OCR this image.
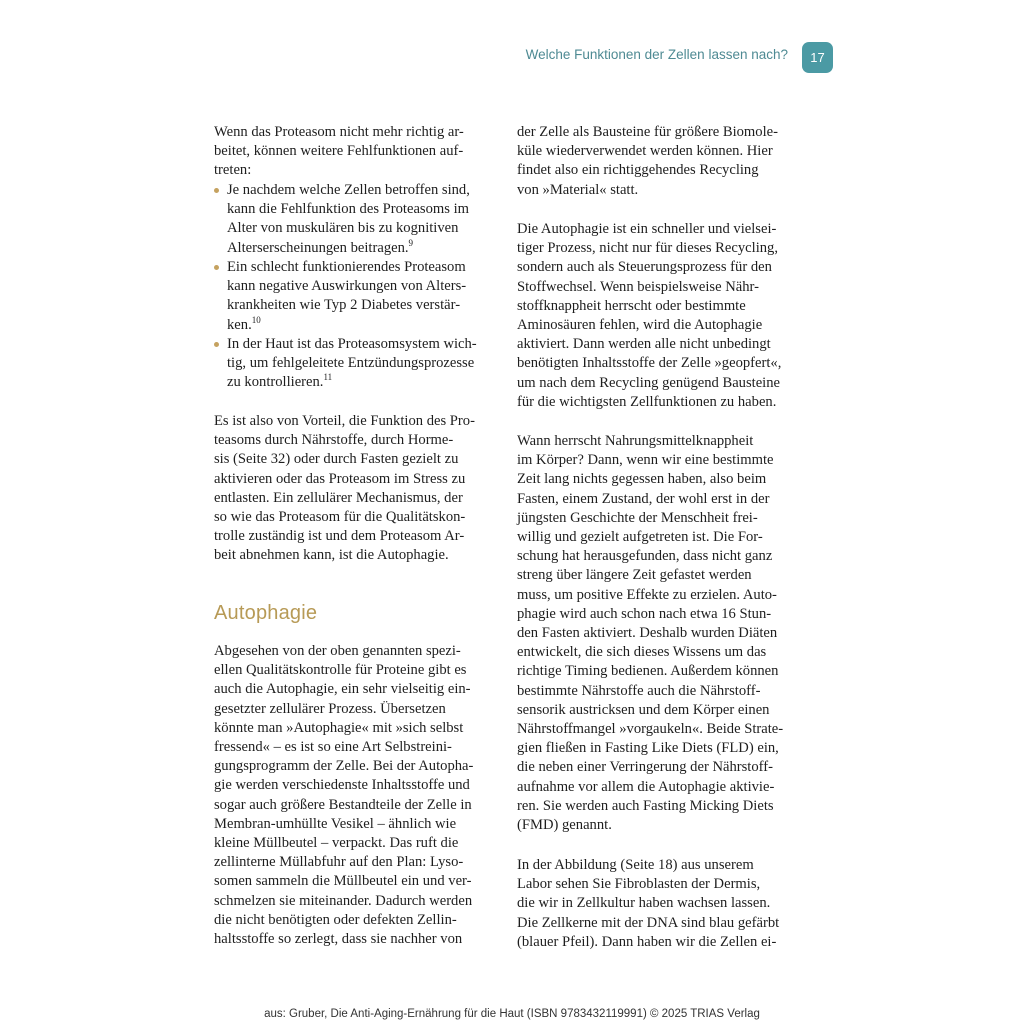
Welche Funktionen der Zellen lassen nach?	17
Wenn das Proteasom nicht mehr richtig ar-
beitet, können weitere Fehlfunktionen auf-
treten:
Je nachdem welche Zellen betroffen sind,
kann die Fehlfunktion des Proteasoms im
Alter von muskulären bis zu kognitiven
Alterserscheinungen beitragen.$^9$
Ein schlecht funktionierendes Proteasom
kann negative Auswirkungen von Alters-
krankheiten wie Typ 2 Diabetes verstär-
ken.$^{10}$
In der Haut ist das Proteasomsystem wich-
tig, um fehlgeleitete Entzündungsprozesse
zu kontrollieren.$^{11}$
Es ist also von Vorteil, die Funktion des Pro-
teasoms durch Nährstoffe, durch Horme-
sis (Seite 32) oder durch Fasten gezielt zu
aktivieren oder das Proteasom im Stress zu
entlasten. Ein zellulärer Mechanismus, der
so wie das Proteasom für die Qualitätskon-
trolle zuständig ist und dem Proteasom Ar-
beit abnehmen kann, ist die Autophagie.
Abgesehen von der oben genannten spezi-
ellen Qualitätskontrolle für Proteine gibt es
auch die Autophagie, ein sehr vielseitig ein-
gesetzter zellulärer Prozess. Übersetzen
könnte man »Autophagie« mit »sich selbst
fressend« – es ist so eine Art Selbstreini-
gungsprogramm der Zelle. Bei der Autopha-
gie werden verschiedenste Inhaltsstoffe und
sogar auch größere Bestandteile der Zelle in
Membran-umhüllte Vesikel – ähnlich wie
kleine Müllbeutel – verpackt. Das ruft die
zellinterne Müllabfuhr auf den Plan: Lyso-
somen sammeln die Müllbeutel ein und ver-
schmelzen sie miteinander. Dadurch werden
die nicht benötigten oder defekten Zellin-
haltsstoffe so zerlegt, dass sie nachher von
Autophagie
der Zelle als Bausteine für größere Biomole-
küle wiederverwendet werden können. Hier
findet also ein richtiggehendes Recycling
von »Material« statt.
Die Autophagie ist ein schneller und vielsei-
tiger Prozess, nicht nur für dieses Recycling,
sondern auch als Steuerungsprozess für den
Stoffwechsel. Wenn beispielsweise Nähr-
stoffknappheit herrscht oder bestimmte
Aminosäuren fehlen, wird die Autophagie
aktiviert. Dann werden alle nicht unbedingt
benötigten Inhaltsstoffe der Zelle »geopfert«,
um nach dem Recycling genügend Bausteine
für die wichtigsten Zellfunktionen zu haben.
Wann herrscht Nahrungsmittelknappheit
im Körper? Dann, wenn wir eine bestimmte
Zeit lang nichts gegessen haben, also beim
Fasten, einem Zustand, der wohl erst in der
jüngsten Geschichte der Menschheit frei-
willig und gezielt aufgetreten ist. Die For-
schung hat herausgefunden, dass nicht ganz
streng über längere Zeit gefastet werden
muss, um positive Effekte zu erzielen. Auto-
phagie wird auch schon nach etwa 16 Stun-
den Fasten aktiviert. Deshalb wurden Diäten
entwickelt, die sich dieses Wissens um das
richtige Timing bedienen. Außerdem können
bestimmte Nährstoffe auch die Nährstoff-
sensorik austricksen und dem Körper einen
Nährstoffmangel »vorgaukeln«. Beide Strate-
gien fließen in Fasting Like Diets (FLD) ein,
die neben einer Verringerung der Nährstoff-
aufnahme vor allem die Autophagie aktivie-
ren. Sie werden auch Fasting Micking Diets
(FMD) genannt.
In der Abbildung (Seite 18) aus unserem
Labor sehen Sie Fibroblasten der Dermis,
die wir in Zellkultur haben wachsen lassen.
Die Zellkerne mit der DNA sind blau gefärbt
(blauer Pfeil). Dann haben wir die Zellen ei-
aus: Gruber, Die Anti-Aging-Ernährung für die Haut (ISBN 9783432119991) © 2025 TRIAS Verlag
